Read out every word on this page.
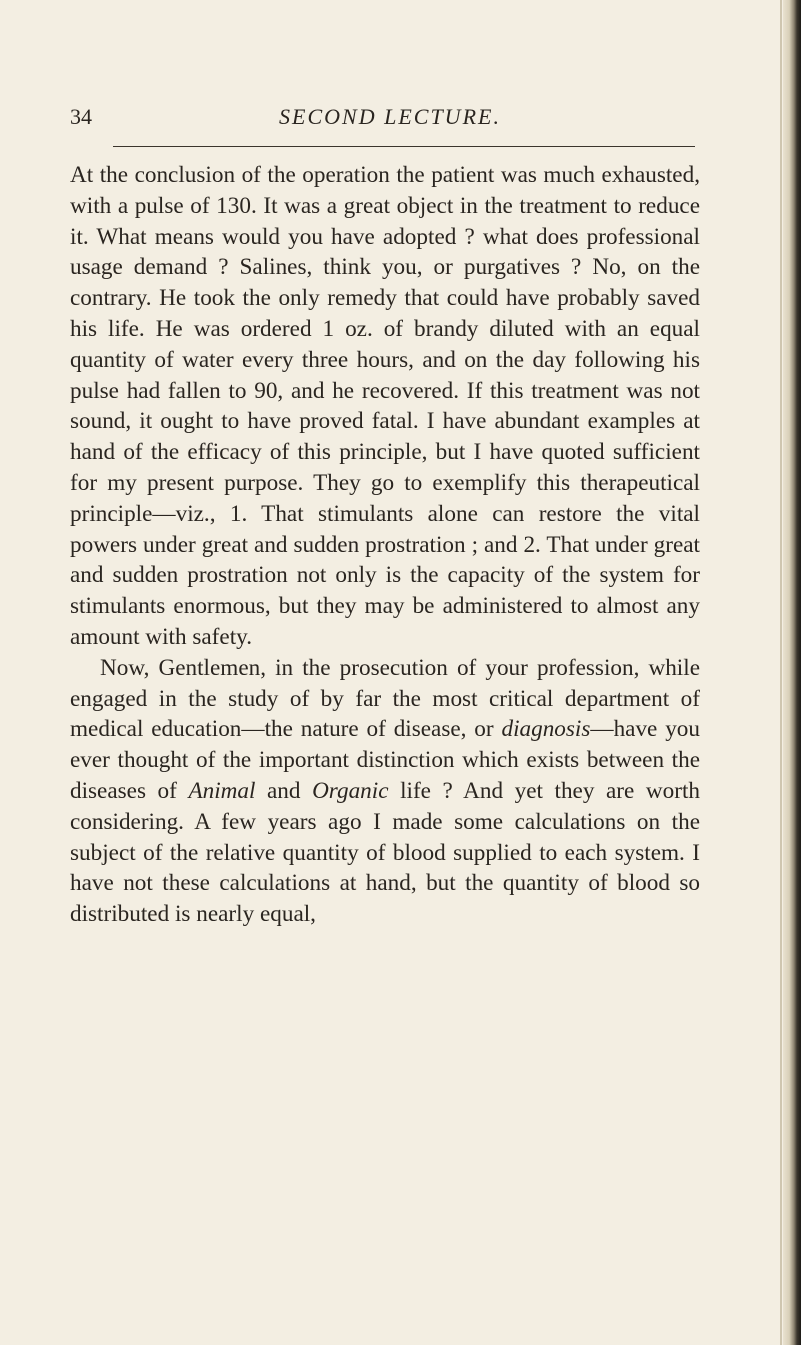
34	SECOND LECTURE.

At the conclusion of the operation the patient was much exhausted, with a pulse of 130. It was a great object in the treatment to reduce it. What means would you have adopted ? what does professional usage demand ? Salines, think you, or purgatives ? No, on the contrary. He took the only remedy that could have probably saved his life. He was ordered 1 oz. of brandy diluted with an equal quantity of water every three hours, and on the day following his pulse had fallen to 90, and he recovered. If this treatment was not sound, it ought to have proved fatal. I have abundant examples at hand of the efficacy of this principle, but I have quoted sufficient for my present purpose. They go to exemplify this therapeutical principle—viz., 1. That stimulants alone can restore the vital powers under great and sudden prostration ; and 2. That under great and sudden prostration not only is the capacity of the system for stimulants enormous, but they may be administered to almost any amount with safety.

Now, Gentlemen, in the prosecution of your profession, while engaged in the study of by far the most critical department of medical education—the nature of disease, or diagnosis—have you ever thought of the important distinction which exists between the diseases of Animal and Organic life ? And yet they are worth considering. A few years ago I made some calculations on the subject of the relative quantity of blood supplied to each system. I have not these calculations at hand, but the quantity of blood so distributed is nearly equal,
